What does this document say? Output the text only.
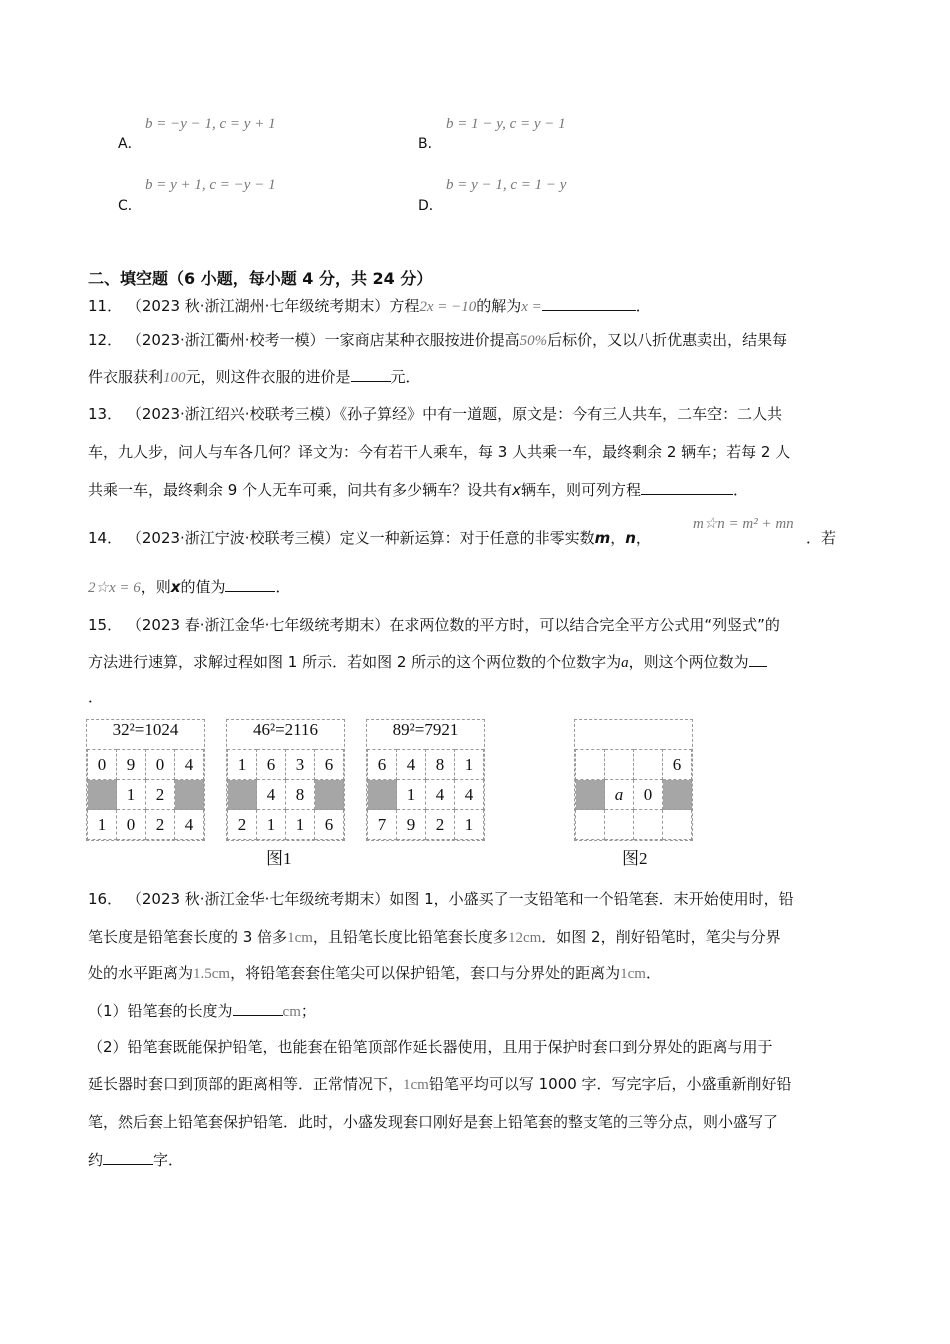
b = −y − 1, c = y + 1
A．
b = 1 − y, c = y − 1
B．
b = y + 1, c = −y − 1
C．
b = y − 1, c = 1 − y
D．
二、填空题（6 小题，每小题 4 分，共 24 分）
11． （2023 秋·浙江湖州·七年级统考期末）方程2x = −10的解为x =	．
12． （2023·浙江衢州·校考一模）一家商店某种衣服按进价提高50%后标价，又以八折优惠卖出，结果每
件衣服获利100元，则这件衣服的进价是	元．
13． （2023·浙江绍兴·校联考三模）《孙子算经》中有一道题，原文是：今有三人共车，二车空：二人共
车，九人步，问人与车各几何？译文为：今有若干人乘车，每 3 人共乘一车，最终剩余 2 辆车；若每 2 人
共乘一车，最终剩余 9 个人无车可乘，问共有多少辆车？设共有x辆车，则可列方程	．
m☆n = m² + mn
14． （2023·浙江宁波·校联考三模）定义一种新运算：对于任意的非零实数m，n，	．若
2☆x = 6，则x的值为	．
15． （2023 春·浙江金华·七年级统考期末）在求两位数的平方时，可以结合完全平方公式用“列竖式”的
方法进行速算，求解过程如图 1 所示．若如图 2 所示的这个两位数的个位数字为a，则这个两位数为
．
32²=1024
0	9	0	4
	1	2	
1	0	2	4
46²=2116
1	6	3	6
	4	8	
2	1	1	6
89²=7921
6	4	8	1
	1	4	4
7	9	2	1
			6
	a	0	

图1	图2
16． （2023 秋·浙江金华·七年级统考期末）如图 1，小盛买了一支铅笔和一个铅笔套．末开始使用时，铅
笔长度是铅笔套长度的 3 倍多1cm，且铅笔长度比铅笔套长度多12cm．如图 2，削好铅笔时，笔尖与分界
处的水平距离为1.5cm，将铅笔套套住笔尖可以保护铅笔，套口与分界处的距离为1cm．
（1）铅笔套的长度为	cm；
（2）铅笔套既能保护铅笔，也能套在铅笔顶部作延长器使用，且用于保护时套口到分界处的距离与用于
延长器时套口到顶部的距离相等．正常情况下，1cm铅笔平均可以写 1000 字．写完字后，小盛重新削好铅
笔，然后套上铅笔套保护铅笔．此时，小盛发现套口刚好是套上铅笔套的整支笔的三等分点，则小盛写了
约	字．
